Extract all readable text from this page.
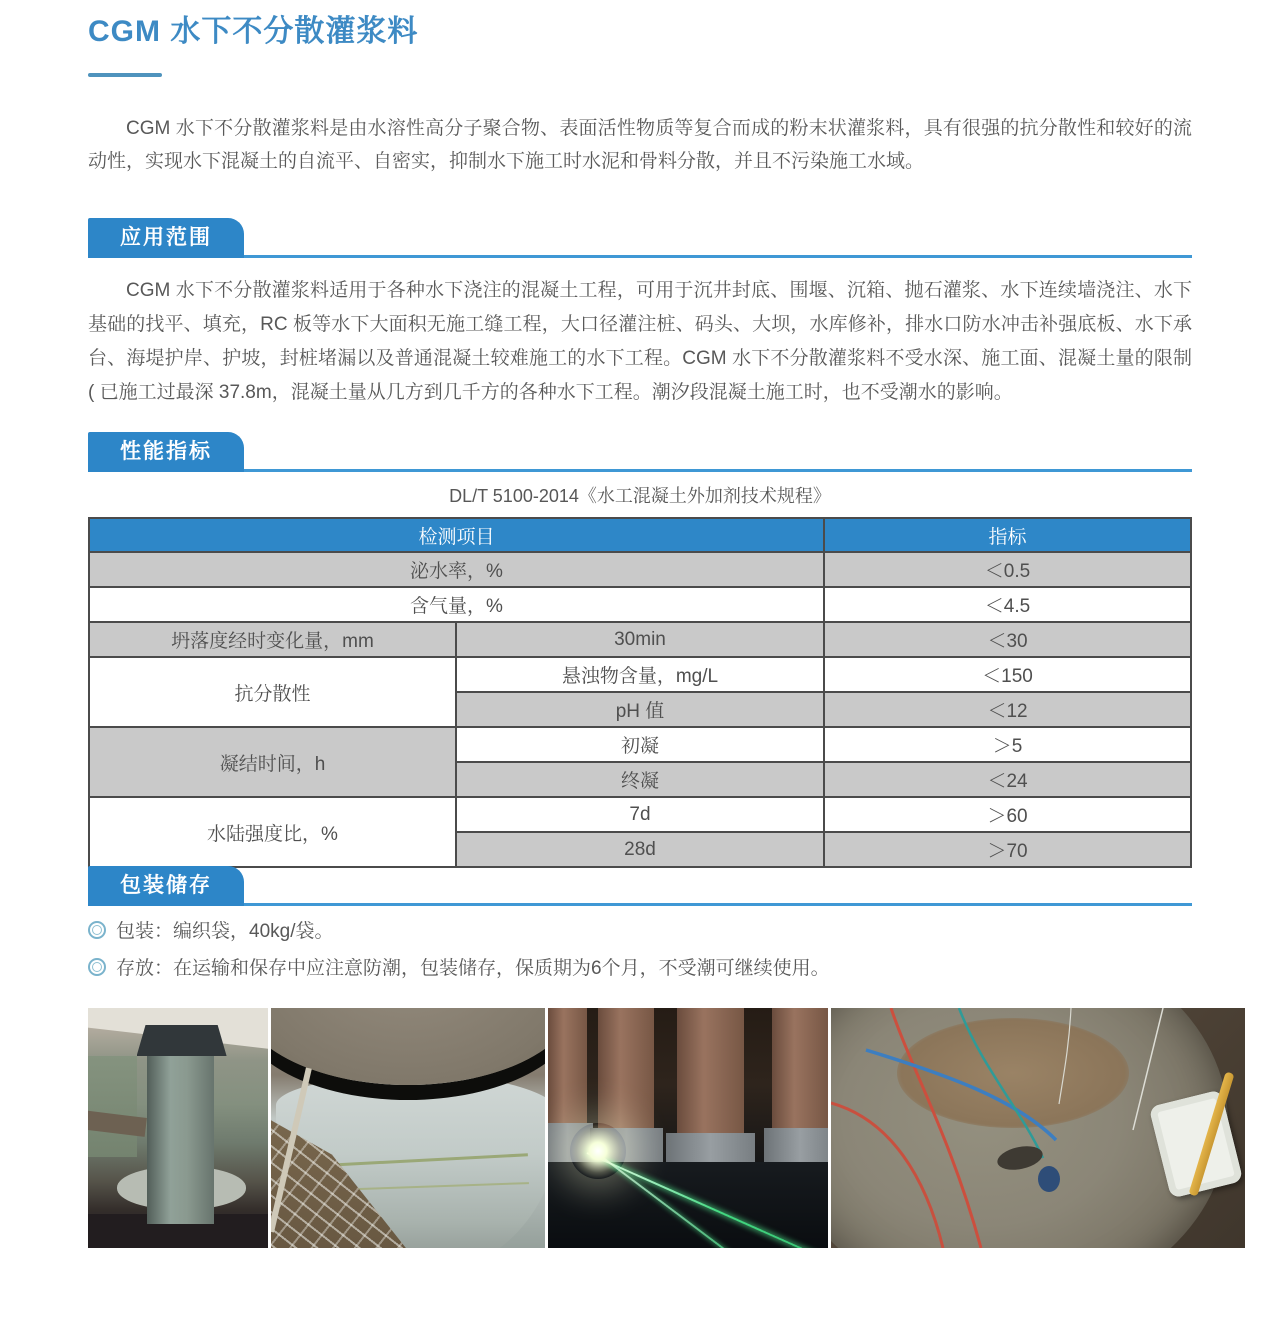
CGM 水下不分散灌浆料

CGM 水下不分散灌浆料是由水溶性高分子聚合物、表面活性物质等复合而成的粉末状灌浆料，具有很强的抗分散性和较好的流动性，实现水下混凝土的自流平、自密实，抑制水下施工时水泥和骨料分散，并且不污染施工水域。

应用范围

CGM 水下不分散灌浆料适用于各种水下浇注的混凝土工程，可用于沉井封底、围堰、沉箱、抛石灌浆、水下连续墙浇注、水下基础的找平、填充，RC 板等水下大面积无施工缝工程，大口径灌注桩、码头、大坝，水库修补，排水口防水冲击补强底板、水下承台、海堤护岸、护坡，封桩堵漏以及普通混凝土较难施工的水下工程。CGM 水下不分散灌浆料不受水深、施工面、混凝土量的限制 ( 已施工过最深 37.8m，混凝土量从几方到几千方的各种水下工程。潮汐段混凝土施工时，也不受潮水的影响。

性能指标
DL/T 5100-2014《水工混凝土外加剂技术规程》
检测项目		指标
泌水率，%		＜0.5
含气量，%		＜4.5
坍落度经时变化量，mm	30min	＜30
抗分散性	悬浊物含量，mg/L	＜150
	pH 值	＜12
凝结时间，h	初凝	＞5
	终凝	＜24
水陆强度比，%	7d	＞60
	28d	＞70
包装储存
包装：编织袋，40kg/袋。
存放：在运输和保存中应注意防潮，包装储存，保质期为6个月，不受潮可继续使用。
